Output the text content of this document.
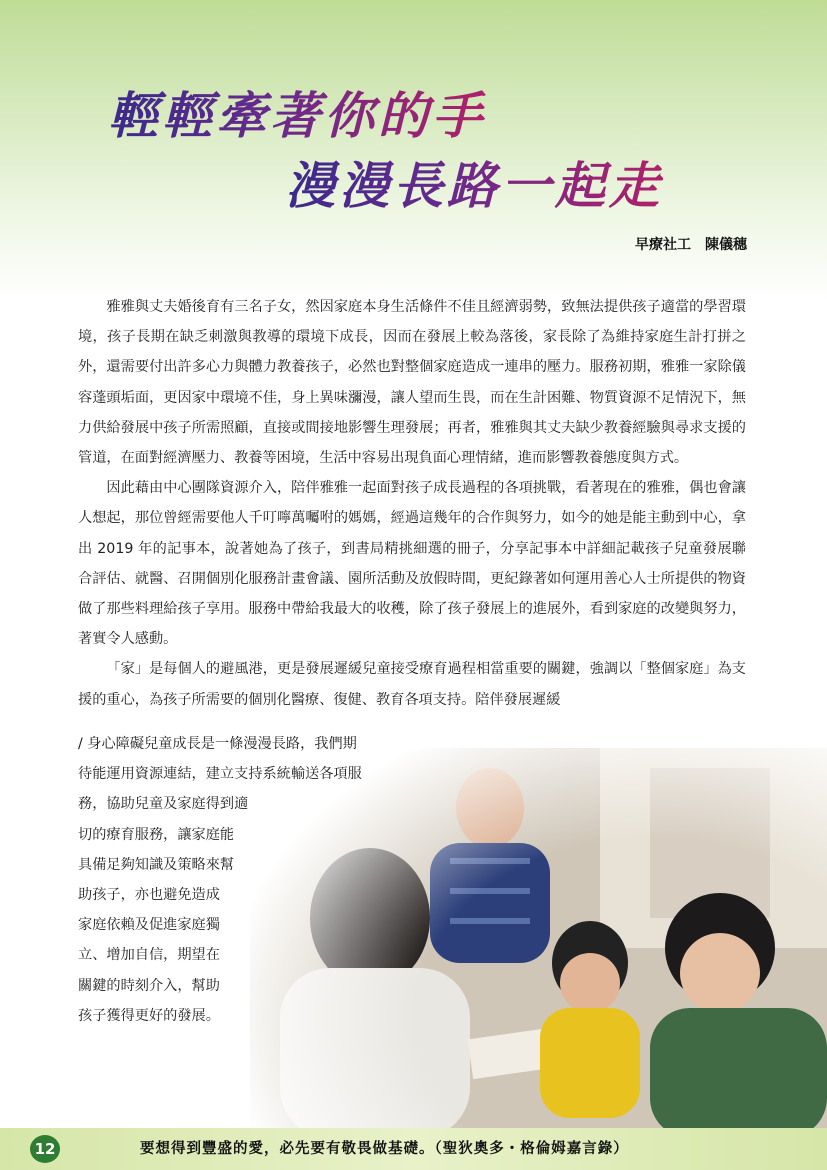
輕輕牽著你的手
漫漫長路一起走
早療社工 陳儀穗

雅雅與丈夫婚後育有三名子女，然因家庭本身生活條件不佳且經濟弱勢，致無法提供孩子適當的學習環境，孩子長期在缺乏刺激與教導的環境下成長，因而在發展上較為落後，家長除了為維持家庭生計打拼之外，還需要付出許多心力與體力教養孩子，必然也對整個家庭造成一連串的壓力。服務初期，雅雅一家除儀容蓬頭垢面，更因家中環境不佳，身上異味瀰漫，讓人望而生畏，而在生計困難、物質資源不足情況下，無力供給發展中孩子所需照顧，直接或間接地影響生理發展；再者，雅雅與其丈夫缺少教養經驗與尋求支援的管道，在面對經濟壓力、教養等困境，生活中容易出現負面心理情緒，進而影響教養態度與方式。

因此藉由中心團隊資源介入，陪伴雅雅一起面對孩子成長過程的各項挑戰，看著現在的雅雅，偶也會讓人想起，那位曾經需要他人千叮嚀萬囑咐的媽媽，經過這幾年的合作與努力，如今的她是能主動到中心，拿出 2019 年的記事本，說著她為了孩子，到書局精挑細選的冊子，分享記事本中詳細記載孩子兒童發展聯合評估、就醫、召開個別化服務計畫會議、園所活動及放假時間，更紀錄著如何運用善心人士所提供的物資做了那些料理給孩子享用。服務中帶給我最大的收穫，除了孩子發展上的進展外，看到家庭的改變與努力，著實令人感動。

「家」是每個人的避風港，更是發展遲緩兒童接受療育過程相當重要的關鍵，強調以「整個家庭」為支援的重心，為孩子所需要的個別化醫療、復健、教育各項支持。陪伴發展遲緩

/ 身心障礙兒童成長是一條漫漫長路，我們期
待能運用資源連結，建立支持系統輸送各項服
務，協助兒童及家庭得到適
切的療育服務，讓家庭能
具備足夠知識及策略來幫
助孩子，亦也避免造成
家庭依賴及促進家庭獨
立、增加自信，期望在
關鍵的時刻介入，幫助
孩子獲得更好的發展。
12	要想得到豐盛的愛，必先要有敬畏做基礎。（聖狄奧多・格倫姆嘉言錄）
